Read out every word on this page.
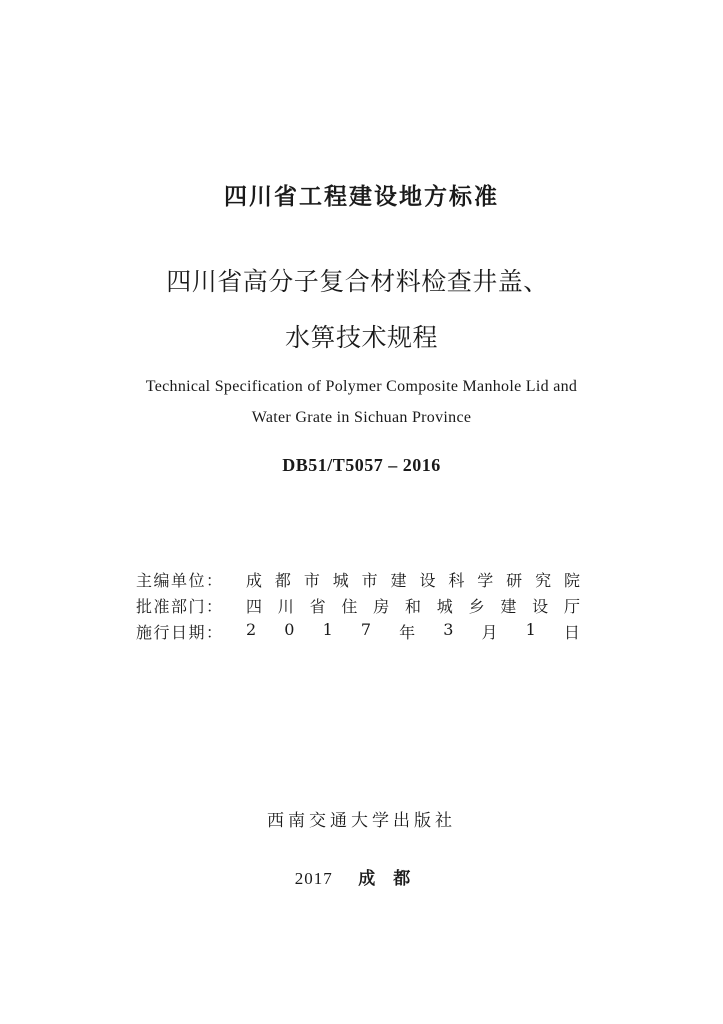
四川省工程建设地方标准
四川省高分子复合材料检查井盖、
水箅技术规程
Technical Specification of Polymer Composite Manhole Lid and
Water Grate in Sichuan Province
DB51/T5057 – 2016
主编单位：	成 都 市 城 市 建 设 科 学 研 究 院
批准部门：	四 川 省 住 房 和 城 乡 建 设 厅
施行日期：	2 0 1 7 年 3 月 1 日
西南交通大学出版社
2017 成都
